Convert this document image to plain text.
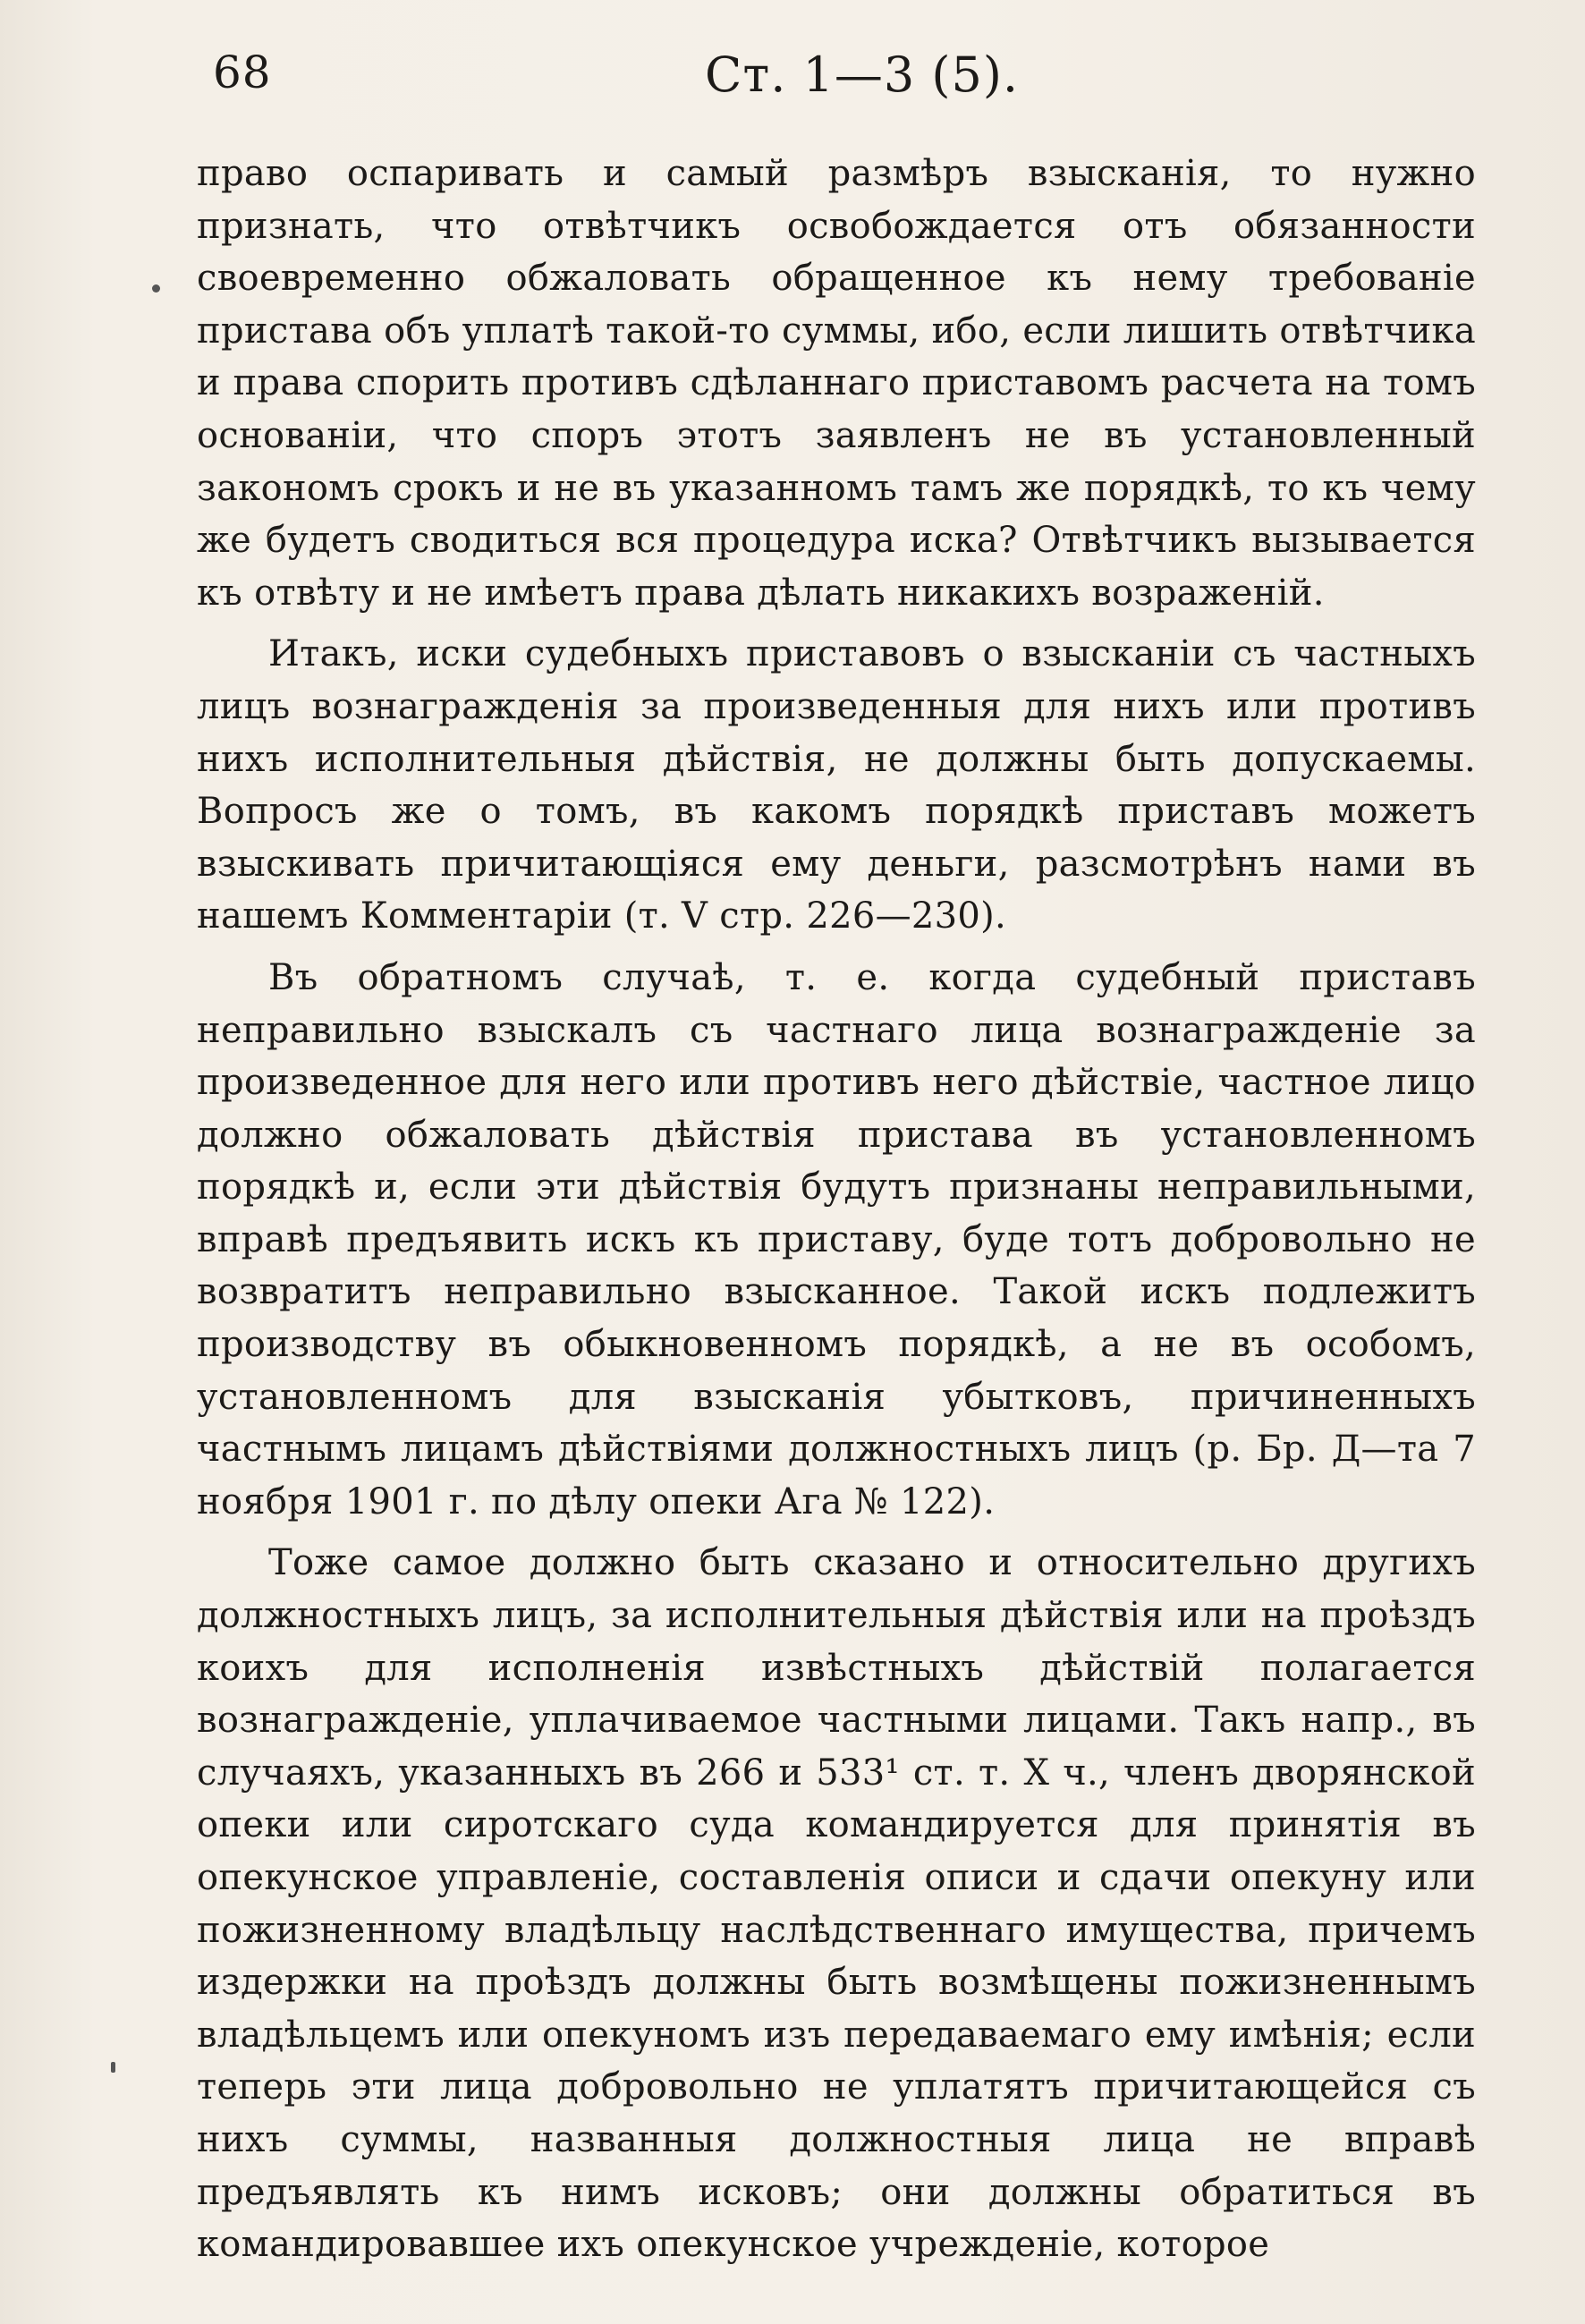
68	Ст. 1—3 (5).

право оспаривать и самый размѣръ взысканія, то нужно признать, что отвѣтчикъ освобождается отъ обязанности своевременно обжаловать обращенное къ нему требованіе пристава объ уплатѣ такой-то суммы, ибо, если лишить отвѣтчика и права спорить противъ сдѣланнаго приставомъ расчета на томъ основаніи, что споръ этотъ заявленъ не въ установленный закономъ срокъ и не въ указанномъ тамъ же порядкѣ, то къ чему же будетъ сводиться вся процедура иска? Отвѣтчикъ вызывается къ отвѣту и не имѣетъ права дѣлать никакихъ возраженій.

Итакъ, иски судебныхъ приставовъ о взысканіи съ частныхъ лицъ вознагражденія за произведенныя для нихъ или противъ нихъ исполнительныя дѣйствія, не должны быть допускаемы. Вопросъ же о томъ, въ какомъ порядкѣ приставъ можетъ взыскивать причитающіяся ему деньги, разсмотрѣнъ нами въ нашемъ Комментаріи (т. V стр. 226—230).

Въ обратномъ случаѣ, т. е. когда судебный приставъ неправильно взыскалъ съ частнаго лица вознагражденіе за произведенное для него или противъ него дѣйствіе, частное лицо должно обжаловать дѣйствія пристава въ установленномъ порядкѣ и, если эти дѣйствія будутъ признаны неправильными, вправѣ предъявить искъ къ приставу, буде тотъ добровольно не возвратитъ неправильно взысканное. Такой искъ подлежитъ производству въ обыкновенномъ порядкѣ, а не въ особомъ, установленномъ для взысканія убытковъ, причиненныхъ частнымъ лицамъ дѣйствіями должностныхъ лицъ (р. Бр. Д—та 7 ноября 1901 г. по дѣлу опеки Ага № 122).

Тоже самое должно быть сказано и относительно другихъ должностныхъ лицъ, за исполнительныя дѣйствія или на проѣздъ коихъ для исполненія извѣстныхъ дѣйствій полагается вознагражденіе, уплачиваемое частными лицами. Такъ напр., въ случаяхъ, указанныхъ въ 266 и 533¹ ст. т. X ч., членъ дворянской опеки или сиротскаго суда командируется для принятія въ опекунское управленіе, составленія описи и сдачи опекуну или пожизненному владѣльцу наслѣдственнаго имущества, причемъ издержки на проѣздъ должны быть возмѣщены пожизненнымъ владѣльцемъ или опекуномъ изъ передаваемаго ему имѣнія; если теперь эти лица добровольно не уплатятъ причитающейся съ нихъ суммы, названныя должностныя лица не вправѣ предъявлять къ нимъ исковъ; они должны обратиться въ командировавшее ихъ опекунское учрежденіе, которое
